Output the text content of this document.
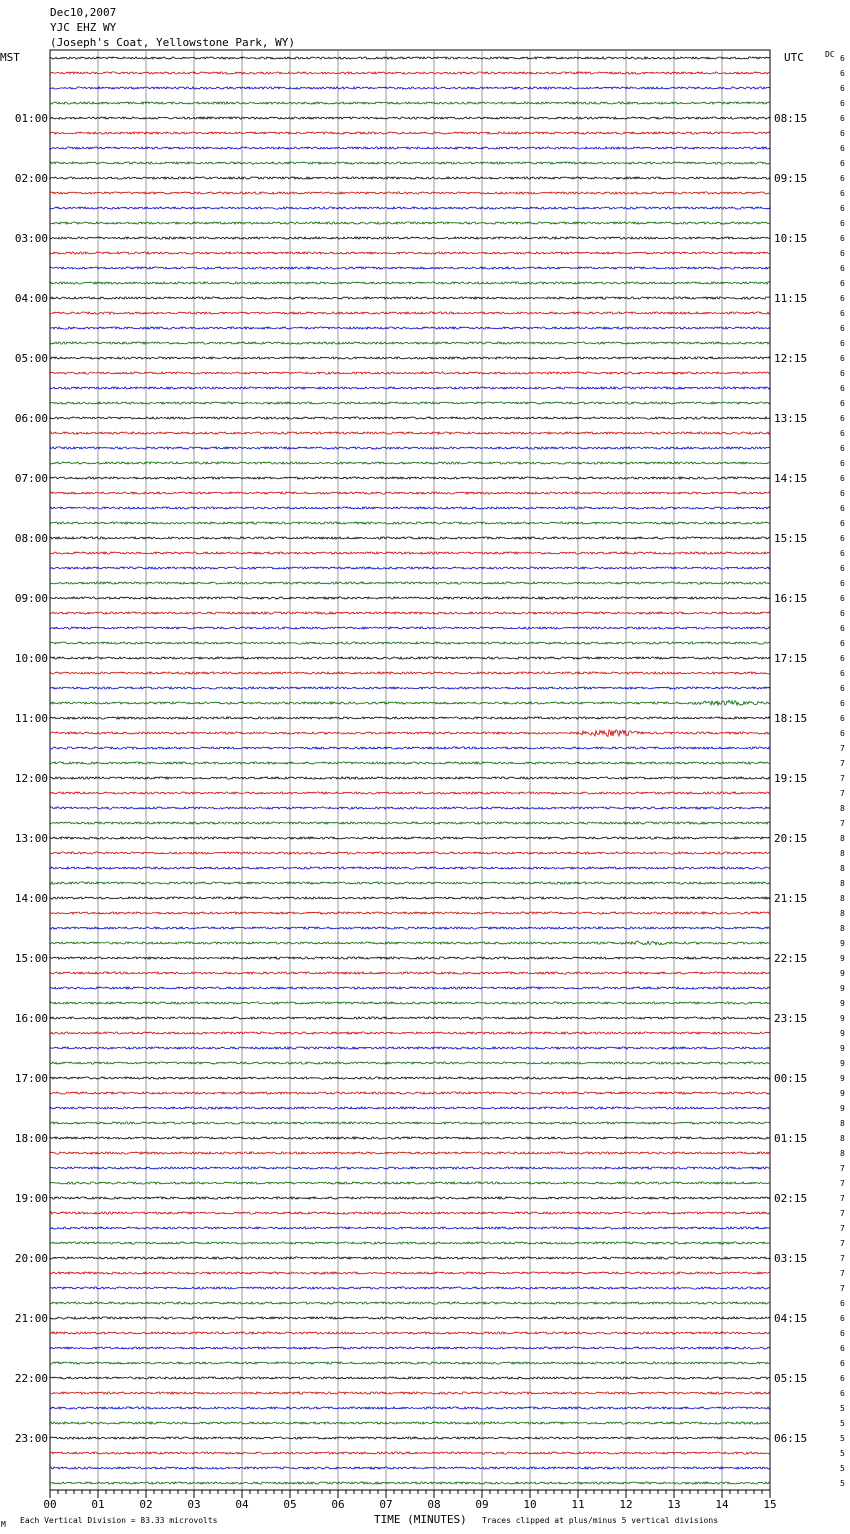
Dec10,2007
YJC EHZ WY
(Joseph's Coat, Yellowstone Park, WY)
MST	UTC	DC
01:00
02:00
03:00
04:00
05:00
06:00
07:00
08:00
09:00
10:00
11:00
12:00
13:00
14:00
15:00
16:00
17:00
18:00
19:00
20:00
21:00
22:00
23:00
08:15
09:15
10:15
11:15
12:15
13:15
14:15
15:15
16:15
17:15
18:15
19:15
20:15
21:15
22:15
23:15
00:15
01:15
02:15
03:15
04:15
05:15
06:15
6
6
6
6
6
6
6
6
6
6
6
6
6
6
6
6
6
6
6
6
6
6
6
6
6
6
6
6
6
6
6
6
6
6
6
6
6
6
6
6
6
6
6
6
6
6
7
7
7
7
8
7
8
8
8
8
8
8
8
9
9
9
9
9
9
9
9
9
9
9
9
8
8
8
7
7
7
7
7
7
7
7
7
6
6
6
6
6
6
6
5
5
5
5
5
5
00	01	02	03	04	05	06	07	08	09	10	11	12	13	14	15
Each Vertical Division = 83.33 microvolts	TIME (MINUTES) Traces clipped at plus/minus 5 vertical divisions
M
